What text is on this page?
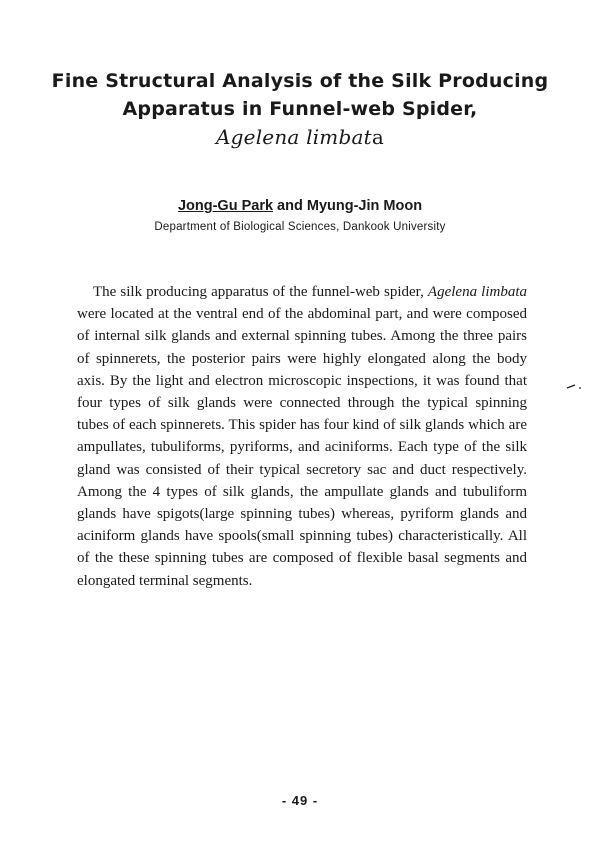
Fine Structural Analysis of the Silk Producing
Apparatus in Funnel-web Spider,
Agelena limbata
Jong-Gu Park and Myung-Jin Moon
Department of Biological Sciences, Dankook University

The silk producing apparatus of the funnel-web spider, Agelena limbata were located at the ventral end of the abdominal part, and were composed of internal silk glands and external spinning tubes. Among the three pairs of spinnerets, the posterior pairs were highly elongated along the body axis. By the light and electron microscopic inspections, it was found that four types of silk glands were connected through the typical spinning tubes of each spinnerets. This spider has four kind of silk glands which are ampullates, tubuliforms, pyriforms, and aciniforms. Each type of the silk gland was consisted of their typical secretory sac and duct respectively. Among the 4 types of silk glands, the ampullate glands and tubuliform glands have spigots(large spinning tubes) whereas, pyriform glands and aciniform glands have spools(small spinning tubes) characteristically. All of the these spinning tubes are composed of flexible basal segments and elongated terminal segments.

- 49 -
